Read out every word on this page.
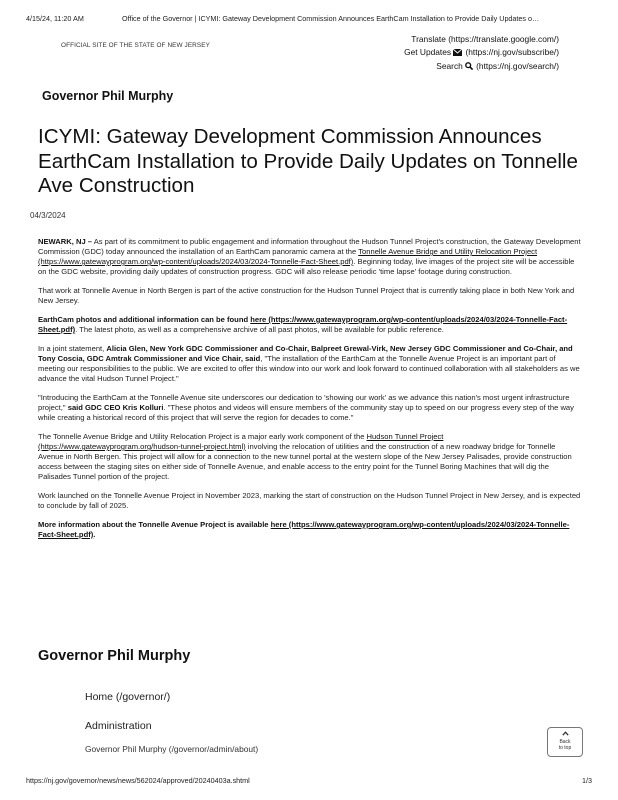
4/15/24, 11:20 AM	Office of the Governor | ICYMI: Gateway Development Commission Announces EarthCam Installation to Provide Daily Updates o…
OFFICIAL SITE OF THE STATE OF NEW JERSEY
Translate (https://translate.google.com/)
Get Updates (https://nj.gov/subscribe/)
Search (https://nj.gov/search/)
Governor Phil Murphy
ICYMI: Gateway Development Commission Announces EarthCam Installation to Provide Daily Updates on Tonnelle Ave Construction
04/3/2024

NEWARK, NJ – As part of its commitment to public engagement and information throughout the Hudson Tunnel Project's construction, the Gateway Development Commission (GDC) today announced the installation of an EarthCam panoramic camera at the Tonnelle Avenue Bridge and Utility Relocation Project (https://www.gatewayprogram.org/wp-content/uploads/2024/03/2024-Tonnelle-Fact-Sheet.pdf). Beginning today, live images of the project site will be accessible on the GDC website, providing daily updates of construction progress. GDC will also release periodic 'time lapse' footage during construction.

That work at Tonnelle Avenue in North Bergen is part of the active construction for the Hudson Tunnel Project that is currently taking place in both New York and New Jersey.

EarthCam photos and additional information can be found here (https://www.gatewayprogram.org/wp-content/uploads/2024/03/2024-Tonnelle-Fact-Sheet.pdf). The latest photo, as well as a comprehensive archive of all past photos, will be available for public reference.

In a joint statement, Alicia Glen, New York GDC Commissioner and Co-Chair, Balpreet Grewal-Virk, New Jersey GDC Commissioner and Co-Chair, and Tony Coscia, GDC Amtrak Commissioner and Vice Chair, said, "The installation of the EarthCam at the Tonnelle Avenue Project is an important part of meeting our responsibilities to the public. We are excited to offer this window into our work and look forward to continued collaboration with all stakeholders as we advance the vital Hudson Tunnel Project."

"Introducing the EarthCam at the Tonnelle Avenue site underscores our dedication to 'showing our work' as we advance this nation's most urgent infrastructure project," said GDC CEO Kris Kolluri. "These photos and videos will ensure members of the community stay up to speed on our progress every step of the way while creating a historical record of this project that will serve the region for decades to come."

The Tonnelle Avenue Bridge and Utility Relocation Project is a major early work component of the Hudson Tunnel Project (https://www.gatewayprogram.org/hudson-tunnel-project.html) involving the relocation of utilities and the construction of a new roadway bridge for Tonnelle Avenue in North Bergen. This project will allow for a connection to the new tunnel portal at the western slope of the New Jersey Palisades, provide construction access between the staging sites on either side of Tonnelle Avenue, and enable access to the entry point for the Tunnel Boring Machines that will dig the Palisades Tunnel portion of the project.

Work launched on the Tonnelle Avenue Project in November 2023, marking the start of construction on the Hudson Tunnel Project in New Jersey, and is expected to conclude by fall of 2025.

More information about the Tonnelle Avenue Project is available here (https://www.gatewayprogram.org/wp-content/uploads/2024/03/2024-Tonnelle-Fact-Sheet.pdf).

Governor Phil Murphy
Home (/governor/)
Administration
Governor Phil Murphy (/governor/admin/about)
Back
to top
https://nj.gov/governor/news/news/562024/approved/20240403a.shtml	1/3
